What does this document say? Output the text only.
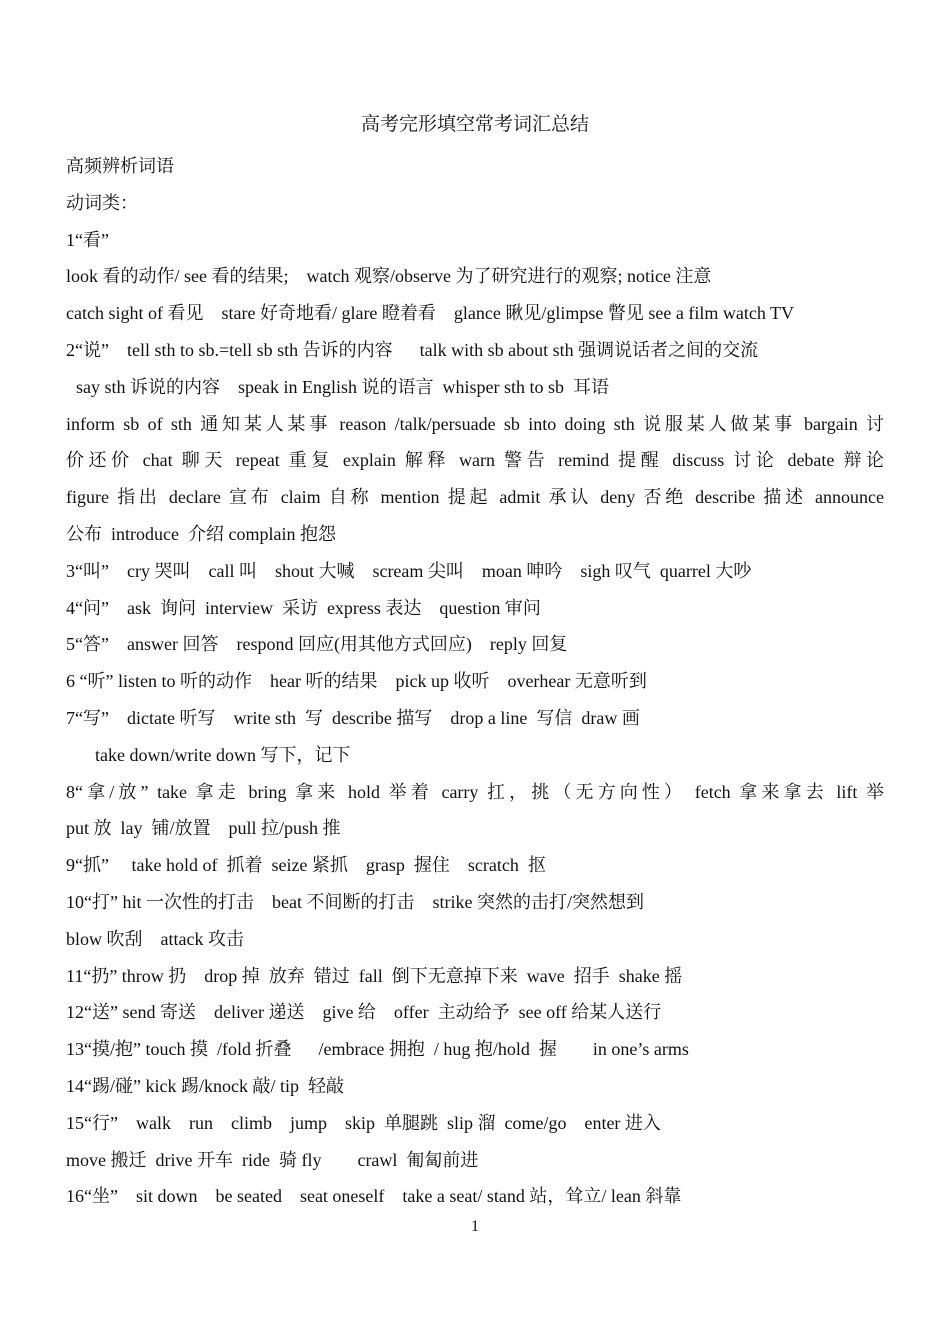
高考完形填空常考词汇总结
高频辨析词语
动词类：
1“看”
look 看的动作/ see 看的结果;    watch 观察/observe 为了研究进行的观察; notice 注意
catch sight of 看见    stare 好奇地看/ glare 瞪着看    glance 瞅见/glimpse 瞥见 see a film watch TV
2“说”    tell sth to sb.=tell sb sth 告诉的内容      talk with sb about sth 强调说话者之间的交流
say sth 诉说的内容    speak in English 说的语言  whisper sth to sb  耳语
inform sb of sth 通知某人某事 reason /talk/persuade sb into doing sth 说服某人做某事 bargain 讨
价还价 chat 聊天 repeat 重复 explain 解释 warn 警告 remind 提醒 discuss 讨论 debate 辩论
figure 指出 declare 宣布 claim 自称 mention 提起 admit 承认 deny 否绝 describe 描述 announce
公布  introduce  介绍 complain 抱怨
3“叫”    cry 哭叫    call 叫    shout 大喊    scream 尖叫    moan 呻吟    sigh 叹气  quarrel 大吵
4“问”    ask  询问  interview  采访  express 表达    question 审问
5“答”    answer 回答    respond 回应(用其他方式回应)    reply 回复
6 “听” listen to 听的动作    hear 听的结果    pick up 收听    overhear 无意听到
7“写”    dictate 听写    write sth  写  describe 描写    drop a line  写信  draw 画
take down/write down 写下，记下
8“拿/放” take 拿走 bring 拿来 hold 举着 carry 扛，挑（无方向性） fetch 拿来拿去 lift 举
put 放  lay  铺/放置    pull 拉/push 推
9“抓”     take hold of  抓着  seize 紧抓    grasp  握住    scratch  抠
10“打” hit 一次性的打击    beat 不间断的打击    strike 突然的击打/突然想到
blow 吹刮    attack 攻击
11“扔” throw 扔    drop 掉  放弃  错过  fall  倒下无意掉下来  wave  招手  shake 摇
12“送” send 寄送    deliver 递送    give 给    offer  主动给予  see off 给某人送行
13“摸/抱” touch 摸  /fold 折叠      /embrace 拥抱  / hug 抱/hold  握        in one’s arms
14“踢/碰” kick 踢/knock 敲/ tip  轻敲
15“行”    walk    run    climb    jump    skip  单腿跳  slip 溜  come/go    enter 进入
move 搬迁  drive 开车  ride  骑 fly        crawl  匍匐前进
16“坐”    sit down    be seated    seat oneself    take a seat/ stand 站，耸立/ lean 斜靠
1
